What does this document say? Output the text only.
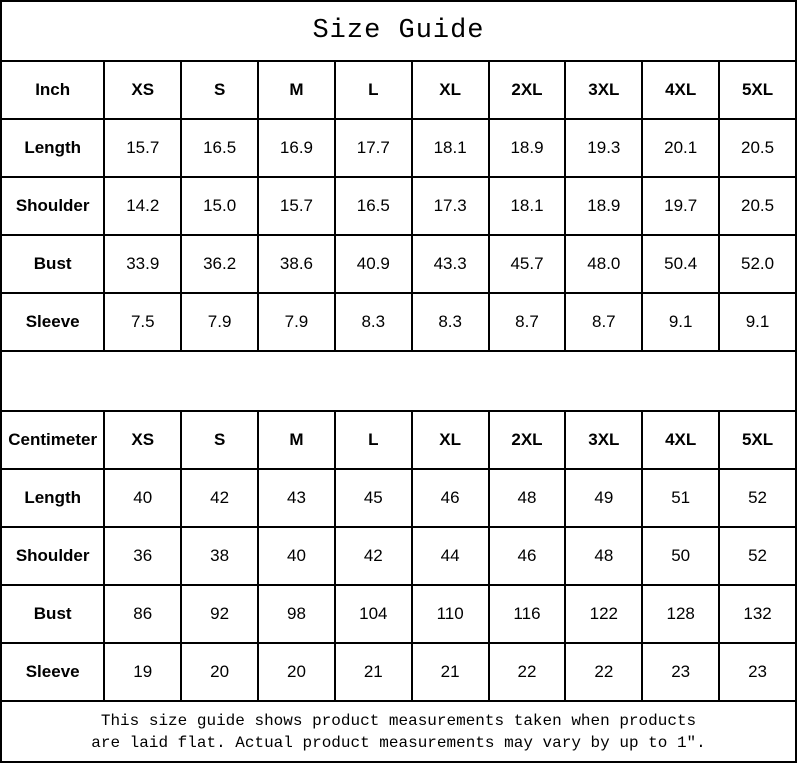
Size Guide
Inch	XS	S	M	L	XL	2XL	3XL	4XL	5XL
Length	15.7	16.5	16.9	17.7	18.1	18.9	19.3	20.1	20.5
Shoulder	14.2	15.0	15.7	16.5	17.3	18.1	18.9	19.7	20.5
Bust	33.9	36.2	38.6	40.9	43.3	45.7	48.0	50.4	52.0
Sleeve	7.5	7.9	7.9	8.3	8.3	8.7	8.7	9.1	9.1
Centimeter	XS	S	M	L	XL	2XL	3XL	4XL	5XL
Length	40	42	43	45	46	48	49	51	52
Shoulder	36	38	40	42	44	46	48	50	52
Bust	86	92	98	104	110	116	122	128	132
Sleeve	19	20	20	21	21	22	22	23	23
This size guide shows product measurements taken when products
are laid flat. Actual product measurements may vary by up to 1″.
